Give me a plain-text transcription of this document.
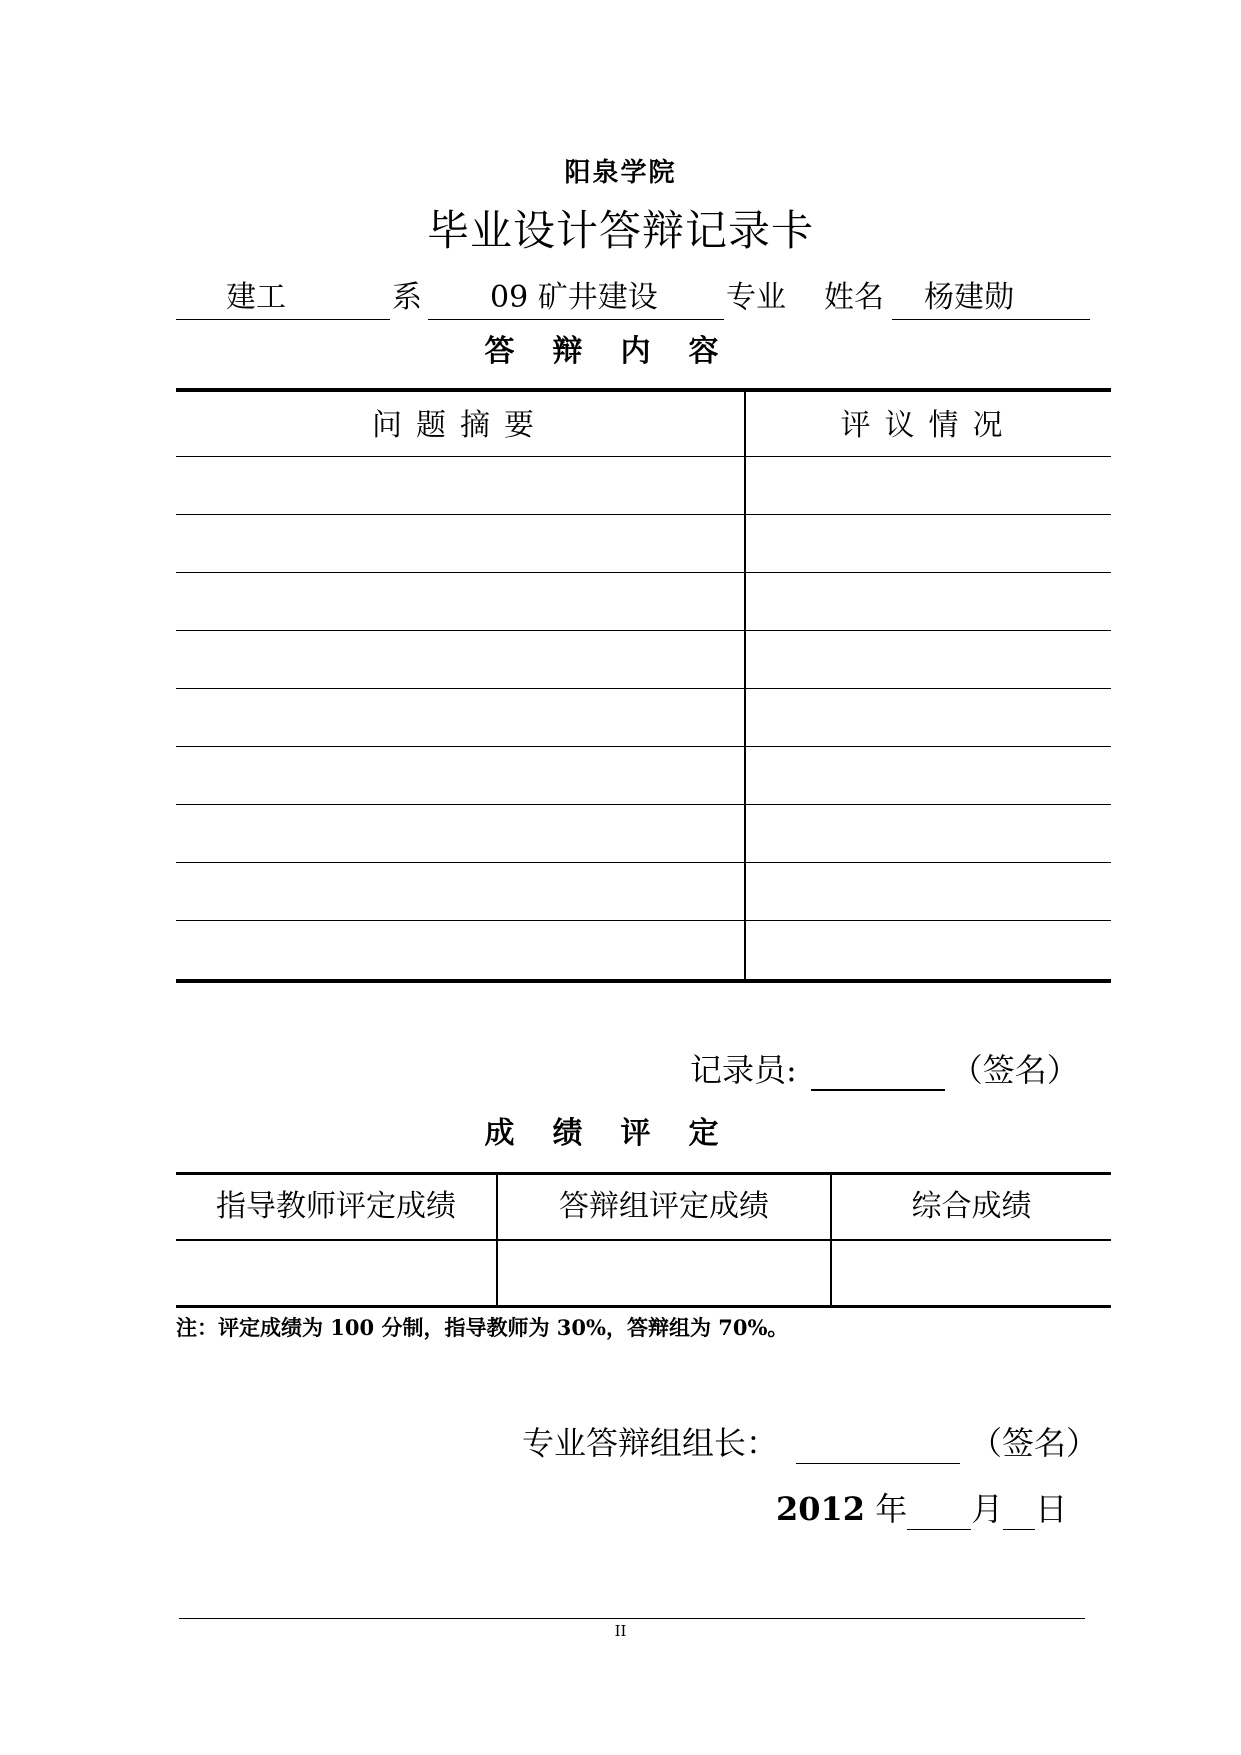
阳泉学院
毕业设计答辩记录卡
建工	系	09 矿井建设	专业 姓名	杨建勋
答辩内容
问题摘要	评议情况
记录员:	（签名）
成绩评定
指导教师评定成绩	答辩组评定成绩	综合成绩
注：评定成绩为 100 分制，指导教师为 30%，答辩组为 70%。
专业答辩组组长：	（签名）
2012 年 月 日
II
